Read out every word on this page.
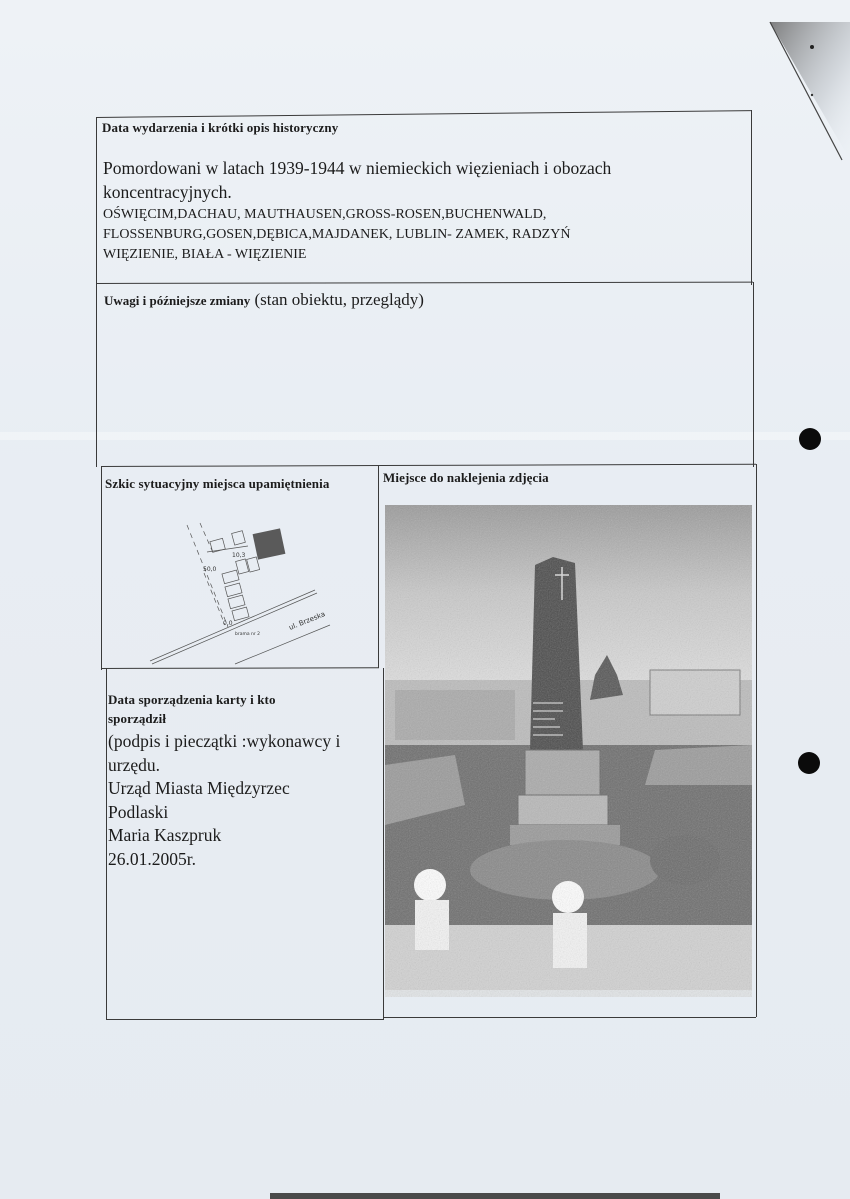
Data wydarzenia i krótki opis historyczny
Pomordowani w latach 1939-1944 w niemieckich więzieniach i obozach
koncentracyjnych.
OŚWIĘCIM,DACHAU, MAUTHAUSEN,GROSS-ROSEN,BUCHENWALD,
FLOSSENBURG,GOSEN,DĘBICA,MAJDANEK, LUBLIN- ZAMEK, RADZYŃ
WIĘZIENIE, BIAŁA - WIĘZIENIE
Uwagi i późniejsze zmiany (stan obiektu, przeglądy)
Szkic sytuacyjny miejsca upamiętnienia
50,0
10,3
0,0
brama nr 2
ul. Brzeska
Miejsce do naklejenia zdjęcia
Data sporządzenia karty i kto
sporządził
(podpis i pieczątki :wykonawcy i
urzędu.
Urząd Miasta Międzyrzec
Podlaski
Maria Kaszpruk
26.01.2005r.
